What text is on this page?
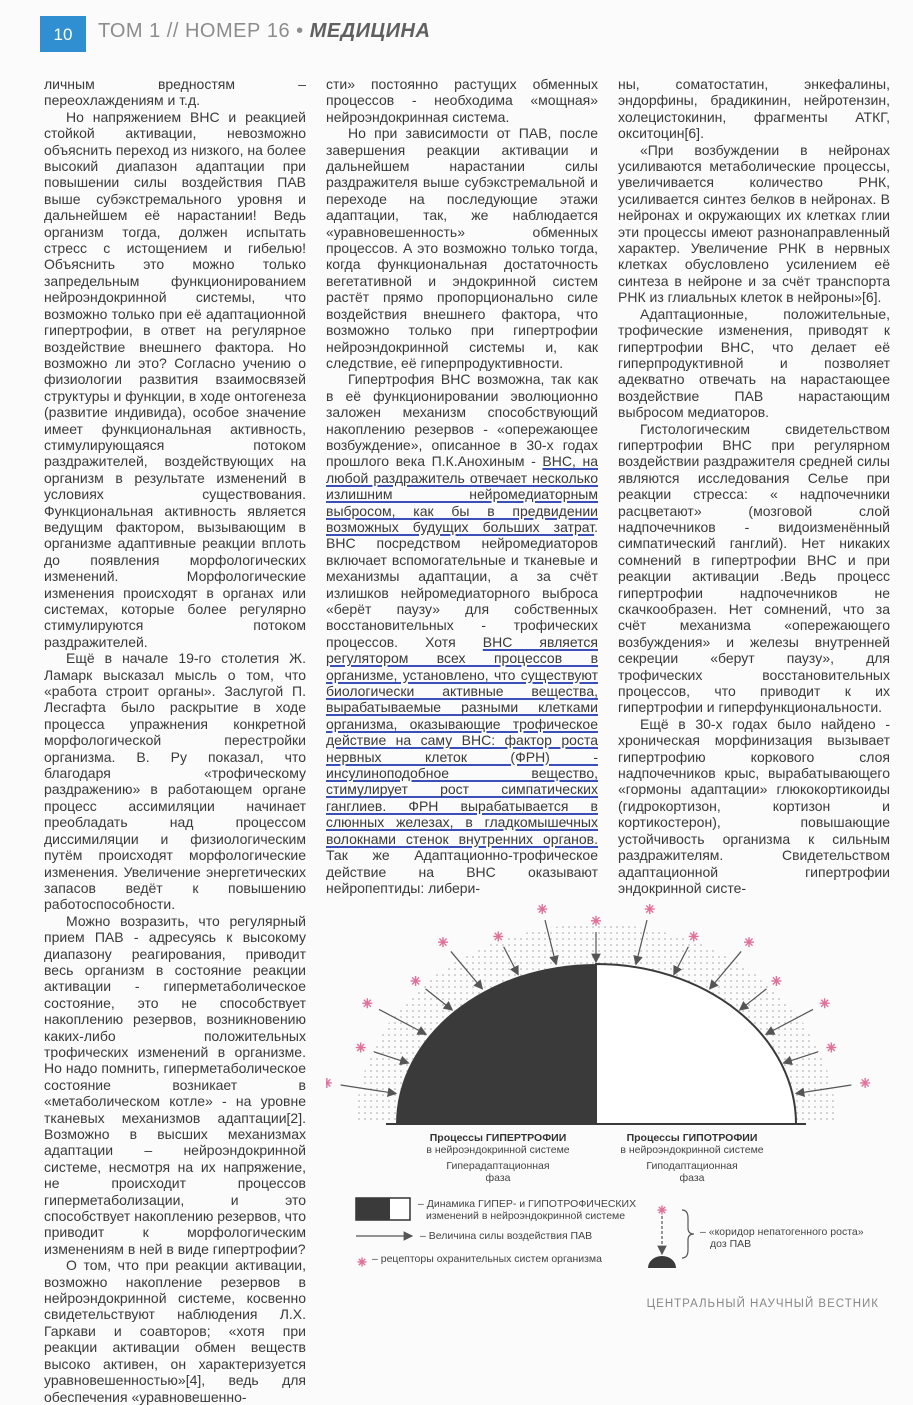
10	ТОМ 1 // НОМЕР 16 • МЕДИЦИНА

личным вредностям – переохлаждениям и т.д.

Но напряжением ВНС и реакцией стойкой активации, невозможно объяснить переход из низкого, на более высокий диапазон адаптации при повышении силы воздействия ПАВ выше субэкстремального уровня и дальнейшем её нарастании! Ведь организм тогда, должен испытать стресс с истощением и гибелью! Объяснить это можно только запредельным функционированием нейроэндокринной системы, что возможно только при её адаптационной гипертрофии, в ответ на регулярное воздействие внешнего фактора. Но возможно ли это? Согласно учению о физиологии развития взаимосвязей структуры и функции, в ходе онтогенеза (развитие индивида), особое значение имеет функциональная активность, стимулирующаяся потоком раздражителей, воздействующих на организм в результате изменений в условиях существования. Функциональная активность является ведущим фактором, вызывающим в организме адаптивные реакции вплоть до появления морфологических изменений. Морфологические изменения происходят в органах или системах, которые более регулярно стимулируются потоком раздражителей.

Ещё в начале 19-го столетия Ж. Ламарк высказал мысль о том, что «работа строит органы». Заслугой П. Лесгафта было раскрытие в ходе процесса упражнения конкретной морфологической перестройки организма. В. Ру показал, что благодаря «трофическому раздражению» в работающем органе процесс ассимиляции начинает преобладать над процессом диссимиляции и физиологическим путём происходят морфологические изменения. Увеличение энергетических запасов ведёт к повышению работоспособности.

Можно возразить, что регулярный прием ПАВ - адресуясь к высокому диапазону реагирования, приводит весь организм в состояние реакции активации - гиперметаболическое состояние, это не способствует накоплению резервов, возникновению каких-либо положительных трофических изменений в организме. Но надо помнить, гиперметаболическое состояние возникает в «метаболическом котле» - на уровне тканевых механизмов адаптации[2]. Возможно в высших механизмах адаптации – нейроэндокринной системе, несмотря на их напряжение, не происходит процессов гиперметаболизации, и это способствует накоплению резервов, что приводит к морфологическим изменениям в ней в виде гипертрофии?

О том, что при реакции активации, возможно накопление резервов в нейроэндокринной системе, косвенно свидетельствуют наблюдения Л.Х. Гаркави и соавторов; «хотя при реакции активации обмен веществ высоко активен, он характеризуется уравновешенностью»[4], ведь для обеспечения «уравновешенно-

сти» постоянно растущих обменных процессов - необходима «мощная» нейроэндокринная система.

Но при зависимости от ПАВ, после завершения реакции активации и дальнейшем нарастании силы раздражителя выше субэкстремальной и переходе на последующие этажи адаптации, так, же наблюдается «уравновешенность» обменных процессов. А это возможно только тогда, когда функциональная достаточность вегетативной и эндокринной систем растёт прямо пропорционально силе воздействия внешнего фактора, что возможно только при гипертрофии нейроэндокринной системы и, как следствие, её гиперпродуктивности.

Гипертрофия ВНС возможна, так как в её функционировании эволюционно заложен механизм способствующий накоплению резервов - «опережающее возбуждение», описанное в 30-х годах прошлого века П.К.Анохиным - ВНС, на любой раздражитель отвечает несколько излишним нейромедиаторным выбросом, как бы в предвидении возможных будущих больших затрат. ВНС посредством нейромедиаторов включает вспомогательные и тканевые и механизмы адаптации, а за счёт излишков нейромедиаторного выброса «берёт паузу» для собственных восстановительных - трофических процессов. Хотя ВНС является регулятором всех процессов в организме, установлено, что существуют биологически активные вещества, вырабатываемые разными клетками организма, оказывающие трофическое действие на саму ВНС: фактор роста нервных клеток (ФРН) - инсулиноподобное вещество, стимулирует рост симпатических ганглиев. ФРН вырабатывается в слюнных железах, в гладкомышечных волокнами стенок внутренних органов. Так же Адаптационно-трофическое действие на ВНС оказывают нейропептиды: либери-

ны, соматостатин, энкефалины, эндорфины, брадикинин, нейротензин, холецистокинин, фрагменты АТКГ, окситоцин[6].

«При возбуждении в нейронах усиливаются метаболические процессы, увеличивается количество РНК, усиливается синтез белков в нейронах. В нейронах и окружающих их клетках глии эти процессы имеют разнонаправленный характер. Увеличение РНК в нервных клетках обусловлено усилением её синтеза в нейроне и за счёт транспорта РНК из глиальных клеток в нейроны»[6].

Адаптационные, положительные, трофические изменения, приводят к гипертрофии ВНС, что делает её гиперпродуктивной и позволяет адекватно отвечать на нарастающее воздействие ПАВ нарастающим выбросом медиаторов.

Гистологическим свидетельством гипертрофии ВНС при регулярном воздействии раздражителя средней силы являются исследования Селье при реакции стресса: « надпочечники расцветают» (мозговой слой надпочечников - видоизменённый симпатический ганглий). Нет никаких сомнений в гипертрофии ВНС и при реакции активации .Ведь процесс гипертрофии надпочечников не скачкообразен. Нет сомнений, что за счёт механизма «опережающего возбуждения» и железы внутренней секреции «берут паузу», для трофических восстановительных процессов, что приводит к их гипертрофии и гиперфункциональности.

Ещё в 30-х годах было найдено - хроническая морфинизация вызывает гипертрофию коркового слоя надпочечников крыс, вырабатывающего «гормоны адаптации» глюкокортикоиды (гидрокортизон, кортизон и кортикостерон), повышающие устойчивость организма к сильным раздражителям. Свидетельством адаптационной гипертрофии эндокринной систе-

Процессы ГИПЕРТРОФИИ
в нейроэндокринной системе
Гиперадаптационная
фаза
Процессы ГИПОТРОФИИ
в нейроэндокринной системе
Гиподаптационная
фаза
– Динамика ГИПЕР- и ГИПОТРОФИЧЕСКИХ
изменений в нейроэндокринной системе
– Величина силы воздействия ПАВ
– рецепторы охранительных систем организма
– «коридор непатогенного роста»
доз ПАВ
ЦЕНТРАЛЬНЫЙ НАУЧНЫЙ ВЕСТНИК
